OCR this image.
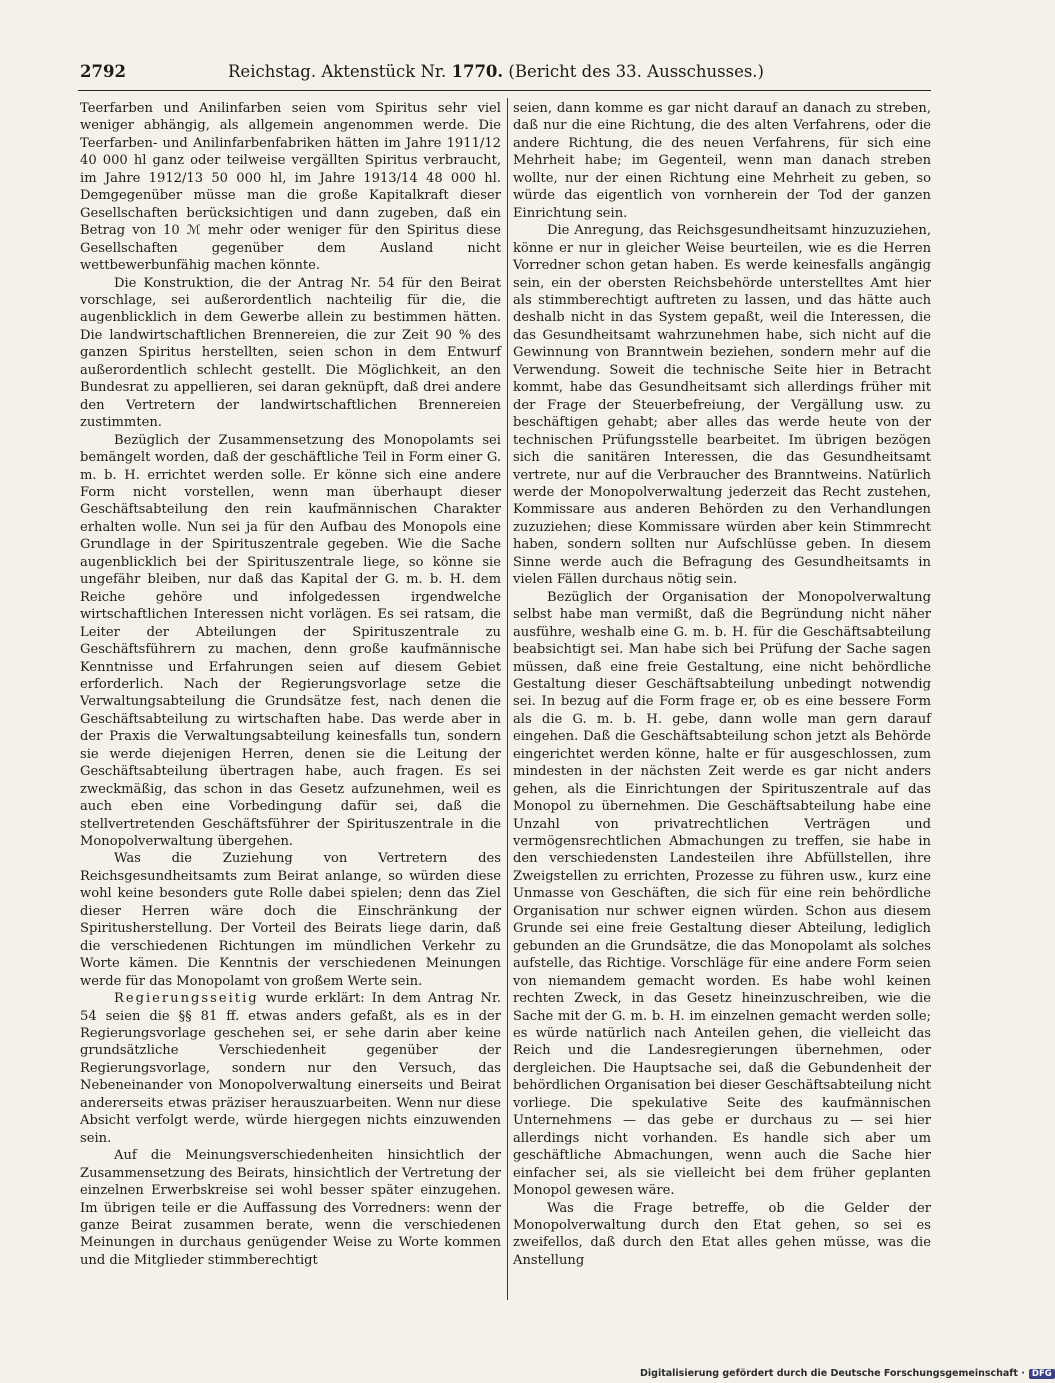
2792	Reichstag. Aktenstück Nr. 1770. (Bericht des 33. Ausschusses.)

Teerfarben und Anilinfarben seien vom Spiritus sehr viel weniger abhängig, als allgemein angenommen werde. Die Teerfarben- und Anilinfarbenfabriken hätten im Jahre 1911/12 40 000 hl ganz oder teilweise vergällten Spiritus verbraucht, im Jahre 1912/13 50 000 hl, im Jahre 1913/14 48 000 hl. Demgegenüber müsse man die große Kapitalkraft dieser Gesellschaften berücksichtigen und dann zugeben, daß ein Betrag von 10 ℳ mehr oder weniger für den Spiritus diese Gesellschaften gegenüber dem Ausland nicht wettbewerbunfähig machen könnte.

Die Konstruktion, die der Antrag Nr. 54 für den Beirat vorschlage, sei außerordentlich nachteilig für die, die augenblicklich in dem Gewerbe allein zu bestimmen hätten. Die landwirtschaftlichen Brennereien, die zur Zeit 90 % des ganzen Spiritus herstellten, seien schon in dem Entwurf außerordentlich schlecht gestellt. Die Möglichkeit, an den Bundesrat zu appellieren, sei daran geknüpft, daß drei andere den Vertretern der landwirtschaftlichen Brennereien zustimmten.

Bezüglich der Zusammensetzung des Monopolamts sei bemängelt worden, daß der geschäftliche Teil in Form einer G. m. b. H. errichtet werden solle. Er könne sich eine andere Form nicht vorstellen, wenn man überhaupt dieser Geschäftsabteilung den rein kaufmännischen Charakter erhalten wolle. Nun sei ja für den Aufbau des Monopols eine Grundlage in der Spirituszentrale gegeben. Wie die Sache augenblicklich bei der Spirituszentrale liege, so könne sie ungefähr bleiben, nur daß das Kapital der G. m. b. H. dem Reiche gehöre und infolgedessen irgendwelche wirtschaftlichen Interessen nicht vorlägen. Es sei ratsam, die Leiter der Abteilungen der Spirituszentrale zu Geschäftsführern zu machen, denn große kaufmännische Kenntnisse und Erfahrungen seien auf diesem Gebiet erforderlich. Nach der Regierungsvorlage setze die Verwaltungsabteilung die Grundsätze fest, nach denen die Geschäftsabteilung zu wirtschaften habe. Das werde aber in der Praxis die Verwaltungsabteilung keinesfalls tun, sondern sie werde diejenigen Herren, denen sie die Leitung der Geschäftsabteilung übertragen habe, auch fragen. Es sei zweckmäßig, das schon in das Gesetz aufzunehmen, weil es auch eben eine Vorbedingung dafür sei, daß die stellvertretenden Geschäftsführer der Spirituszentrale in die Monopolverwaltung übergehen.

Was die Zuziehung von Vertretern des Reichsgesundheitsamts zum Beirat anlange, so würden diese wohl keine besonders gute Rolle dabei spielen; denn das Ziel dieser Herren wäre doch die Einschränkung der Spiritusherstellung. Der Vorteil des Beirats liege darin, daß die verschiedenen Richtungen im mündlichen Verkehr zu Worte kämen. Die Kenntnis der verschiedenen Meinungen werde für das Monopolamt von großem Werte sein.

Regierungsseitig wurde erklärt: In dem Antrag Nr. 54 seien die §§ 81 ff. etwas anders gefaßt, als es in der Regierungsvorlage geschehen sei, er sehe darin aber keine grundsätzliche Verschiedenheit gegenüber der Regierungsvorlage, sondern nur den Versuch, das Nebeneinander von Monopolverwaltung einerseits und Beirat andererseits etwas präziser herauszuarbeiten. Wenn nur diese Absicht verfolgt werde, würde hiergegen nichts einzuwenden sein.

Auf die Meinungsverschiedenheiten hinsichtlich der Zusammensetzung des Beirats, hinsichtlich der Vertretung der einzelnen Erwerbskreise sei wohl besser später einzugehen. Im übrigen teile er die Auffassung des Vorredners: wenn der ganze Beirat zusammen berate, wenn die verschiedenen Meinungen in durchaus genügender Weise zu Worte kommen und die Mitglieder stimmberechtigt

seien, dann komme es gar nicht darauf an danach zu streben, daß nur die eine Richtung, die des alten Verfahrens, oder die andere Richtung, die des neuen Verfahrens, für sich eine Mehrheit habe; im Gegenteil, wenn man danach streben wollte, nur der einen Richtung eine Mehrheit zu geben, so würde das eigentlich von vornherein der Tod der ganzen Einrichtung sein.

Die Anregung, das Reichsgesundheitsamt hinzuzuziehen, könne er nur in gleicher Weise beurteilen, wie es die Herren Vorredner schon getan haben. Es werde keinesfalls angängig sein, ein der obersten Reichsbehörde unterstelltes Amt hier als stimmberechtigt auftreten zu lassen, und das hätte auch deshalb nicht in das System gepaßt, weil die Interessen, die das Gesundheitsamt wahrzunehmen habe, sich nicht auf die Gewinnung von Branntwein beziehen, sondern mehr auf die Verwendung. Soweit die technische Seite hier in Betracht kommt, habe das Gesundheitsamt sich allerdings früher mit der Frage der Steuerbefreiung, der Vergällung usw. zu beschäftigen gehabt; aber alles das werde heute von der technischen Prüfungsstelle bearbeitet. Im übrigen bezögen sich die sanitären Interessen, die das Gesundheitsamt vertrete, nur auf die Verbraucher des Branntweins. Natürlich werde der Monopolverwaltung jederzeit das Recht zustehen, Kommissare aus anderen Behörden zu den Verhandlungen zuzuziehen; diese Kommissare würden aber kein Stimmrecht haben, sondern sollten nur Aufschlüsse geben. In diesem Sinne werde auch die Befragung des Gesundheitsamts in vielen Fällen durchaus nötig sein.

Bezüglich der Organisation der Monopolverwaltung selbst habe man vermißt, daß die Begründung nicht näher ausführe, weshalb eine G. m. b. H. für die Geschäftsabteilung beabsichtigt sei. Man habe sich bei Prüfung der Sache sagen müssen, daß eine freie Gestaltung, eine nicht behördliche Gestaltung dieser Geschäftsabteilung unbedingt notwendig sei. In bezug auf die Form frage er, ob es eine bessere Form als die G. m. b. H. gebe, dann wolle man gern darauf eingehen. Daß die Geschäftsabteilung schon jetzt als Behörde eingerichtet werden könne, halte er für ausgeschlossen, zum mindesten in der nächsten Zeit werde es gar nicht anders gehen, als die Einrichtungen der Spirituszentrale auf das Monopol zu übernehmen. Die Geschäftsabteilung habe eine Unzahl von privatrechtlichen Verträgen und vermögensrechtlichen Abmachungen zu treffen, sie habe in den verschiedensten Landesteilen ihre Abfüllstellen, ihre Zweigstellen zu errichten, Prozesse zu führen usw., kurz eine Unmasse von Geschäften, die sich für eine rein behördliche Organisation nur schwer eignen würden. Schon aus diesem Grunde sei eine freie Gestaltung dieser Abteilung, lediglich gebunden an die Grundsätze, die das Monopolamt als solches aufstelle, das Richtige. Vorschläge für eine andere Form seien von niemandem gemacht worden. Es habe wohl keinen rechten Zweck, in das Gesetz hineinzuschreiben, wie die Sache mit der G. m. b. H. im einzelnen gemacht werden solle; es würde natürlich nach Anteilen gehen, die vielleicht das Reich und die Landesregierungen übernehmen, oder dergleichen. Die Hauptsache sei, daß die Gebundenheit der behördlichen Organisation bei dieser Geschäftsabteilung nicht vorliege. Die spekulative Seite des kaufmännischen Unternehmens — das gebe er durchaus zu — sei hier allerdings nicht vorhanden. Es handle sich aber um geschäftliche Abmachungen, wenn auch die Sache hier einfacher sei, als sie vielleicht bei dem früher geplanten Monopol gewesen wäre.

Was die Frage betreffe, ob die Gelder der Monopolverwaltung durch den Etat gehen, so sei es zweifellos, daß durch den Etat alles gehen müsse, was die Anstellung

Digitalisierung gefördert durch die Deutsche Forschungsgemeinschaft · DFG
